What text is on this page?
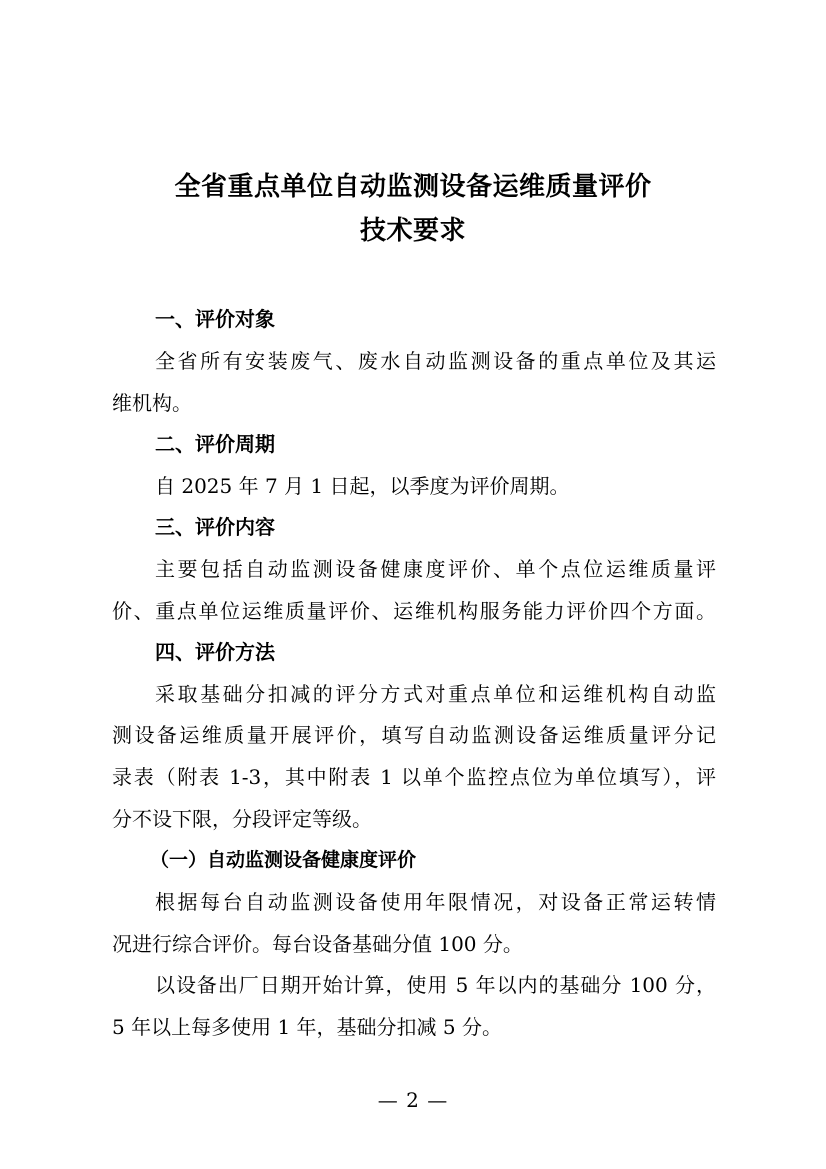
全省重点单位自动监测设备运维质量评价
技术要求
一、评价对象
全省所有安装废气、废水自动监测设备的重点单位及其运
维机构。
二、评价周期
自 2025 年 7 月 1 日起，以季度为评价周期。
三、评价内容
主要包括自动监测设备健康度评价、单个点位运维质量评
价、重点单位运维质量评价、运维机构服务能力评价四个方面。
四、评价方法
采取基础分扣减的评分方式对重点单位和运维机构自动监
测设备运维质量开展评价，填写自动监测设备运维质量评分记
录表（附表 1-3，其中附表 1 以单个监控点位为单位填写），评
分不设下限，分段评定等级。
（一）自动监测设备健康度评价
根据每台自动监测设备使用年限情况，对设备正常运转情
况进行综合评价。每台设备基础分值 100 分。
以设备出厂日期开始计算，使用 5 年以内的基础分 100 分，
5 年以上每多使用 1 年，基础分扣减 5 分。
— 2 —
